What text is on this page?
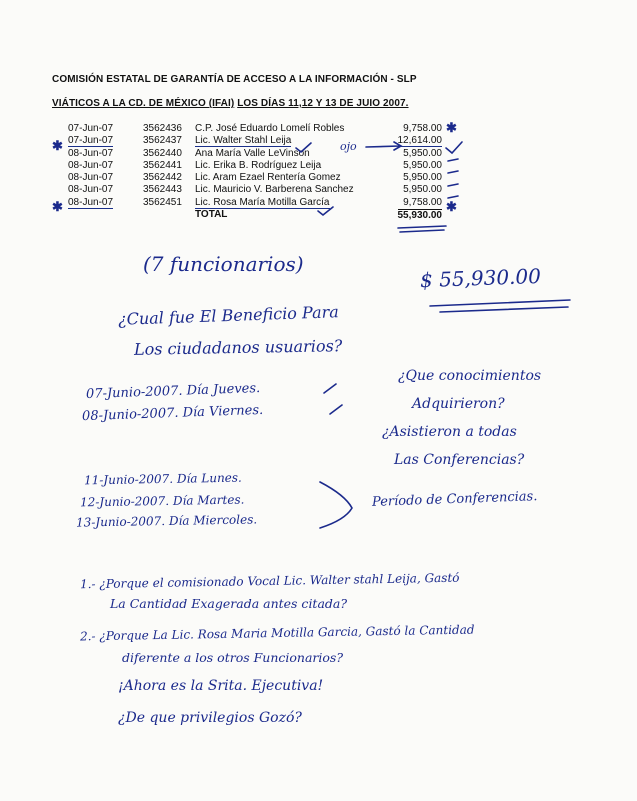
COMISIÓN ESTATAL DE GARANTÍA DE ACCESO A LA INFORMACIÓN - SLP
VIÁTICOS A LA CD. DE MÉXICO (IFAI) LOS DÍAS 11,12 Y 13 DE JUIO 2007.
07-Jun-07	3562436 C.P. José Eduardo Lomelí Robles	9,758.00
07-Jun-07	3562437 Lic. Walter Stahl Leija	12,614.00
08-Jun-07	3562440 Ana María Valle LeVinson	5,950.00
08-Jun-07	3562441 Lic. Erika B. Rodríguez Leija	5,950.00
08-Jun-07	3562442 Lic. Aram Ezael Rentería Gomez	5,950.00
08-Jun-07	3562443 Lic. Mauricio V. Barberena Sanchez	5,950.00
08-Jun-07	3562451 Lic. Rosa María Motilla García	9,758.00
TOTAL	55,930.00
✱
✱
✱
✱
ojo
(7 funcionarios)	$ 55,930.00
¿Cual fue El Beneficio Para
Los ciudadanos usuarios?
07-Junio-2007. Día Jueves.
08-Junio-2007. Día Viernes.
¿Que conocimientos
Adquirieron?
¿Asistieron a todas
Las Conferencias?
11-Junio-2007. Día Lunes.
12-Junio-2007. Día Martes.
13-Junio-2007. Día Miercoles.
Período de Conferencias.
1.- ¿Porque el comisionado Vocal Lic. Walter stahl Leija, Gastó
La Cantidad Exagerada antes citada?
2.- ¿Porque La Lic. Rosa Maria Motilla Garcia, Gastó la Cantidad
diferente a los otros Funcionarios?
¡Ahora es la Srita. Ejecutiva!
¿De que privilegios Gozó?
